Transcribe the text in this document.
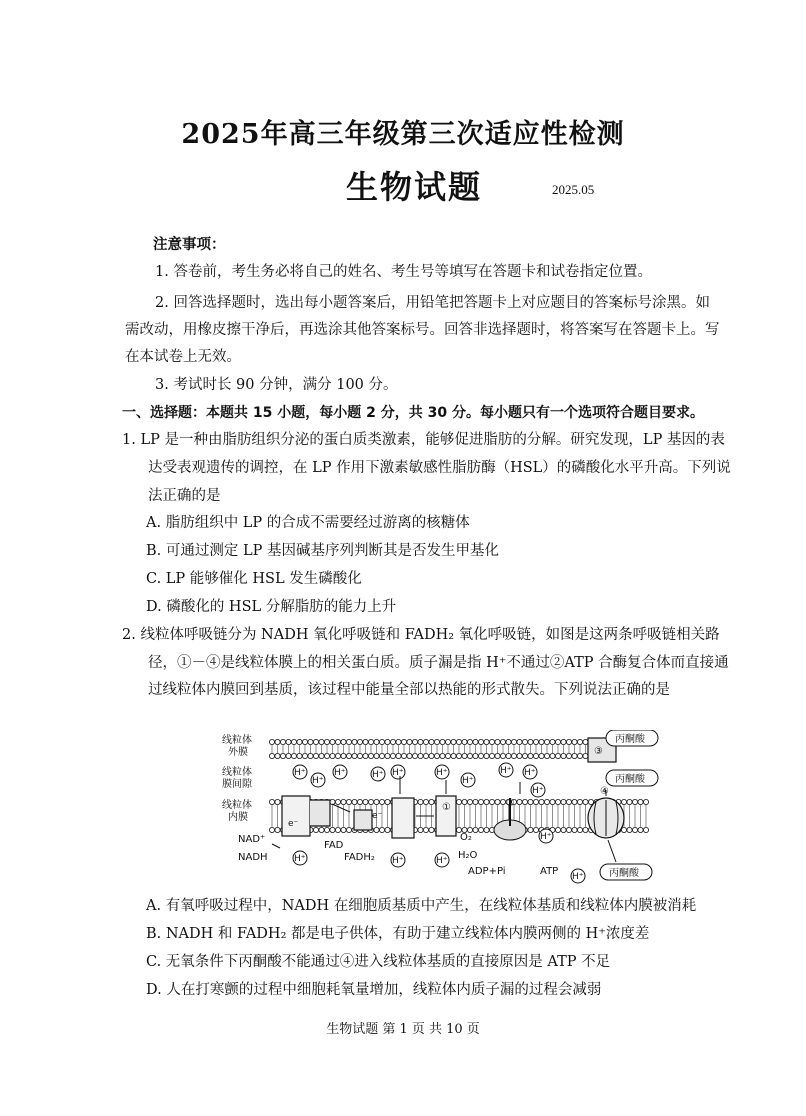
2025年高三年级第三次适应性检测
生物试题	2025.05
注意事项：
1. 答卷前，考生务必将自己的姓名、考生号等填写在答题卡和试卷指定位置。
2. 回答选择题时，选出每小题答案后，用铅笔把答题卡上对应题目的答案标号涂黑。如
需改动，用橡皮擦干净后，再选涂其他答案标号。回答非选择题时，将答案写在答题卡上。写
在本试卷上无效。
3. 考试时长 90 分钟，满分 100 分。
一、选择题：本题共 15 小题，每小题 2 分，共 30 分。每小题只有一个选项符合题目要求。
1. LP 是一种由脂肪组织分泌的蛋白质类激素，能够促进脂肪的分解。研究发现，LP 基因的表
达受表观遗传的调控，在 LP 作用下激素敏感性脂肪酶（HSL）的磷酸化水平升高。下列说
法正确的是
A. 脂肪组织中 LP 的合成不需要经过游离的核糖体
B. 可通过测定 LP 基因碱基序列判断其是否发生甲基化
C. LP 能够催化 HSL 发生磷酸化
D. 磷酸化的 HSL 分解脂肪的能力上升
2. 线粒体呼吸链分为 NADH 氧化呼吸链和 FADH₂ 氧化呼吸链，如图是这两条呼吸链相关路
径，①－④是线粒体膜上的相关蛋白质。质子漏是指 H⁺不通过②ATP 合酶复合体而直接通
过线粒体内膜回到基质，该过程中能量全部以热能的形式散失。下列说法正确的是
线粒体
外膜
线粒体
膜间隙
线粒体
内膜
①	②
③
④
丙酮酸
丙酮酸
丙酮酸
H⁺
H⁺
H⁺	H⁺ H⁺	H⁺
H⁺
H⁺ H⁺
H⁺
H⁺	H⁺	H⁺
H⁺
H⁺
e⁻
e⁻
NAD⁺
NADH
FAD
FADH₂
O₂
H₂O
ADP+Pi	ATP
A. 有氧呼吸过程中，NADH 在细胞质基质中产生，在线粒体基质和线粒体内膜被消耗
B. NADH 和 FADH₂ 都是电子供体，有助于建立线粒体内膜两侧的 H⁺浓度差
C. 无氧条件下丙酮酸不能通过④进入线粒体基质的直接原因是 ATP 不足
D. 人在打寒颤的过程中细胞耗氧量增加，线粒体内质子漏的过程会减弱
生物试题 第 1 页 共 10 页
